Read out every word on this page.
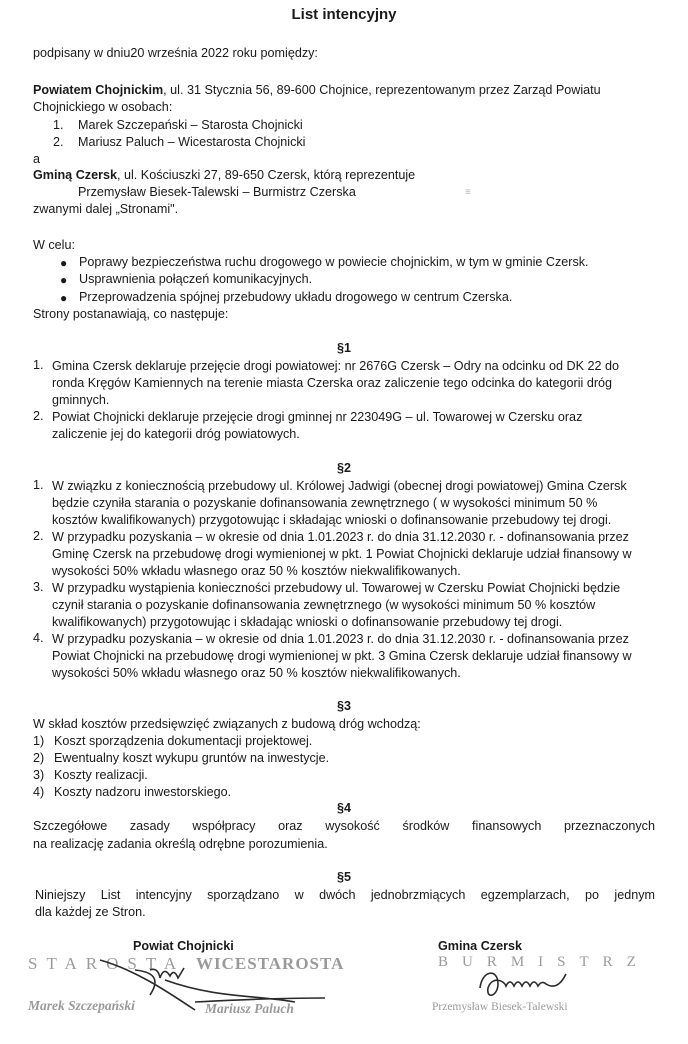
List intencyjny
podpisany w dniu20 września 2022 roku pomiędzy:
Powiatem Chojnickim, ul. 31 Stycznia 56, 89-600 Chojnice, reprezentowanym przez Zarząd Powiatu
Chojnickiego w osobach:
1. Marek Szczepański – Starosta Chojnicki
2. Mariusz Paluch – Wicestarosta Chojnicki
a
Gminą Czersk, ul. Kościuszki 27, 89-650 Czersk, którą reprezentuje
Przemysław Biesek-Talewski – Burmistrz Czerska	≡
zwanymi dalej „Stronami".
W celu:
● Poprawy bezpieczeństwa ruchu drogowego w powiecie chojnickim, w tym w gminie Czersk.
● Usprawnienia połączeń komunikacyjnych.
● Przeprowadzenia spójnej przebudowy układu drogowego w centrum Czerska.
Strony postanawiają, co następuje:
§1
1. Gmina Czersk deklaruje przejęcie drogi powiatowej: nr 2676G Czersk – Odry na odcinku od DK 22 do
ronda Kręgów Kamiennych na terenie miasta Czerska oraz zaliczenie tego odcinka do kategorii dróg
gminnych.
2. Powiat Chojnicki deklaruje przejęcie drogi gminnej nr 223049G – ul. Towarowej w Czersku oraz
zaliczenie jej do kategorii dróg powiatowych.
§2
1. W związku z koniecznością przebudowy ul. Królowej Jadwigi (obecnej drogi powiatowej) Gmina Czersk
będzie czyniła starania o pozyskanie dofinansowania zewnętrznego ( w wysokości minimum 50 %
kosztów kwalifikowanych) przygotowując i składając wnioski o dofinansowanie przebudowy tej drogi.
2. W przypadku pozyskania – w okresie od dnia 1.01.2023 r. do dnia 31.12.2030 r. - dofinansowania przez
Gminę Czersk na przebudowę drogi wymienionej w pkt. 1 Powiat Chojnicki deklaruje udział finansowy w
wysokości 50% wkładu własnego oraz 50 % kosztów niekwalifikowanych.
3. W przypadku wystąpienia konieczności przebudowy ul. Towarowej w Czersku Powiat Chojnicki będzie
czynił starania o pozyskanie dofinansowania zewnętrznego (w wysokości minimum 50 % kosztów
kwalifikowanych) przygotowując i składając wnioski o dofinansowanie przebudowy tej drogi.
4. W przypadku pozyskania – w okresie od dnia 1.01.2023 r. do dnia 31.12.2030 r. - dofinansowania przez
Powiat Chojnicki na przebudowę drogi wymienionej w pkt. 3 Gmina Czersk deklaruje udział finansowy w
wysokości 50% wkładu własnego oraz 50 % kosztów niekwalifikowanych.
§3
W skład kosztów przedsięwzięć związanych z budową dróg wchodzą:
1) Koszt sporządzenia dokumentacji projektowej.
2) Ewentualny koszt wykupu gruntów na inwestycje.
3) Koszty realizacji.
4) Koszty nadzoru inwestorskiego.
§4
Szczegółowe zasady współpracy oraz wysokość środków finansowych przeznaczonych
na realizację zadania określą odrębne porozumienia.
§5
Niniejszy List intencyjny sporządzano w dwóch jednobrzmiących egzemplarzach, po jednym
dla każdej ze Stron.
Powiat Chojnicki
STAROSTA WICESTAROSTA
Marek Szczepański	Mariusz Paluch
Gmina Czersk
BURMISTRZ
Przemysław Biesek-Talewski
